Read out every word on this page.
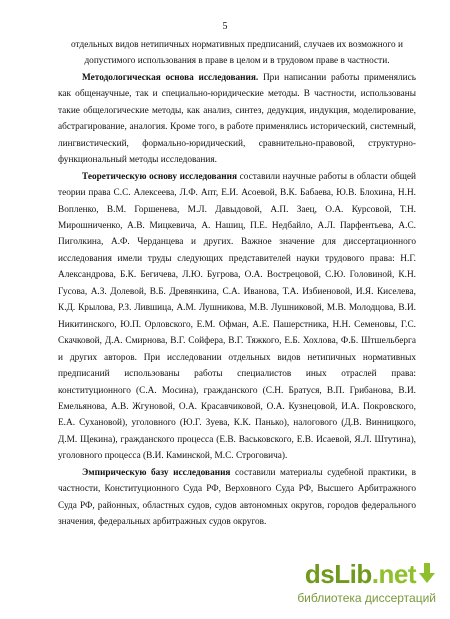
5

отдельных видов нетипичных нормативных предписаний, случаев их возможного и допустимого использования в праве в целом и в трудовом праве в частности.

Методологическая основа исследования. При написании работы применялись как общенаучные, так и специально-юридические методы. В частности, использованы такие общелогические методы, как анализ, синтез, дедукция, индукция, моделирование, абстрагирование, аналогия. Кроме того, в работе применялись исторический, системный, лингвистический, формально-юридический, сравнительно-правовой, структурно-функциональный методы исследования.

Теоретическую основу исследования составили научные работы в области общей теории права С.С. Алексеева, Л.Ф. Апт, Е.И. Асоевой, В.К. Бабаева, Ю.В. Блохина, Н.Н. Вопленко, В.М. Горшенева, М.Л. Давыдовой, А.П. Заец, О.А. Курсовой, Т.Н. Мирошниченко, А.В. Мицкевича, А. Нашиц, П.Е. Недбайло, А.Л. Парфентьева, А.С. Пиголкина, А.Ф. Черданцева и других. Важное значение для диссертационного исследования имели труды следующих представителей науки трудового права: Н.Г. Александрова, Б.К. Бегичева, Л.Ю. Бугрова, О.А. Вострецовой, С.Ю. Головиной, К.Н. Гусова, А.З. Долевой, В.Б. Древянкина, С.А. Иванова, Т.А. Избиеновой, И.Я. Киселева, К.Д. Крылова, Р.З. Лившица, А.М. Лушникова, М.В. Лушниковой, М.В. Молодцова, В.И. Никитинского, Ю.П. Орловского, Е.М. Офман, А.Е. Пашерстника, Н.Н. Семеновы, Г.С. Скачковой, Д.А. Смирнова, В.Г. Сойфера, В.Г. Тяжкого, Е.Б. Хохлова, Ф.Б. Штшельберга и других авторов. При исследовании отдельных видов нетипичных нормативных предписаний использованы работы специалистов иных отраслей права: конституционного (С.А. Мосина), гражданского (С.Н. Братуся, В.П. Грибанова, В.И. Емельянова, А.В. Жгуновой, О.А. Красавчиковой, О.А. Кузнецовой, И.А. Покровского, Е.А. Сухановой), уголовного (Ю.Г. Зуева, К.К. Панько), налогового (Д.В. Винницкого, Д.М. Щекина), гражданского процесса (Е.В. Васьковского, Е.В. Исаевой, Я.Л. Штутина), уголовного процесса (В.И. Каминской, М.С. Строговича).

Эмпирическую базу исследования составили материалы судебной практики, в частности, Конституционного Суда РФ, Верховного Суда РФ, Высшего Арбитражного Суда РФ, районных, областных судов, судов автономных округов, городов федерального значения, федеральных арбитражных судов округов.

dsLib.net
библиотека диссертаций
